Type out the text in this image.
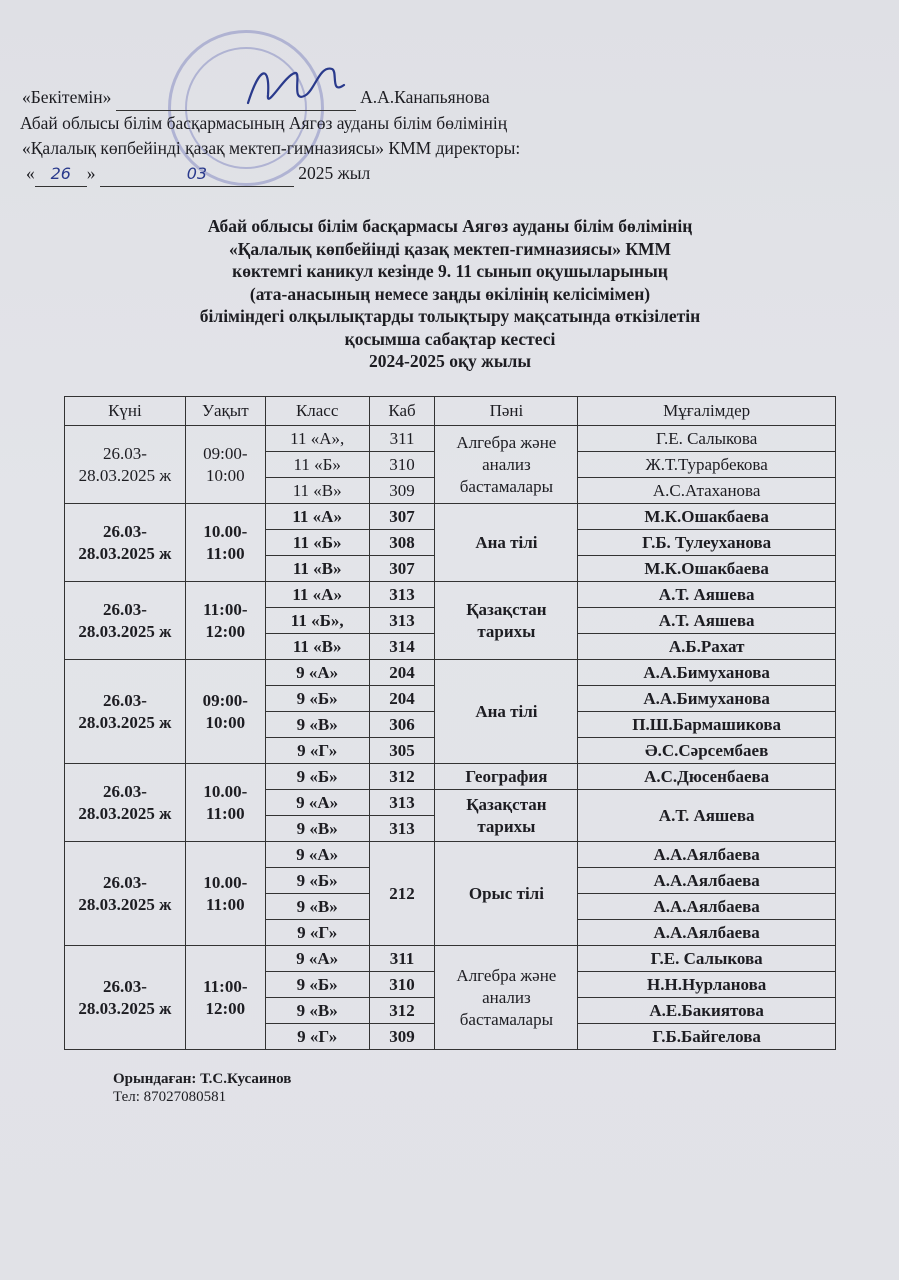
«Бекітемін»	А.А.Канапьянова
Абай облысы білім басқармасының Аягөз ауданы білім бөлімінің
«Қалалық көпбейінді қазақ мектеп-гимназиясы» КММ директоры:
« 26 »	03	2025 жыл
Абай облысы білім басқармасы Аягөз ауданы білім бөлімінің
«Қалалық көпбейінді қазақ мектеп-гимназиясы» КММ
көктемгі каникул кезінде 9. 11 сынып оқушыларының
(ата-анасының немесе заңды өкілінің келісімімен)
біліміндегі олқылықтарды толықтыру мақсатында өткізілетін
қосымша сабақтар кестесі
2024-2025 оқу жылы
Күні	Уақыт	Класс	Каб	Пәні	Мұғалімдер
26.03-28.03.2025 ж	09:00-10:00	11 «А»,	311	Алгебра және анализ бастамалары	Г.Е. Салыкова
		11 «Б»	310		Ж.Т.Турарбекова
		11 «В»	309		А.С.Атаханова
26.03-28.03.2025 ж	10.00-11:00	11 «А»	307	Ана тілі	М.К.Ошакбаева
		11 «Б»	308		Г.Б. Тулеуханова
		11 «В»	307		М.К.Ошакбаева
26.03-28.03.2025 ж	11:00-12:00	11 «А»	313	Қазақстан тарихы	А.Т. Аяшева
		11 «Б»,	313		А.Т. Аяшева
		11 «В»	314		А.Б.Рахат
26.03-28.03.2025 ж	09:00-10:00	9 «А»	204	Ана тілі	А.А.Бимуханова
		9 «Б»	204		А.А.Бимуханова
		9 «В»	306		П.Ш.Бармашикова
		9 «Г»	305		Ә.С.Сәрсембаев
26.03-28.03.2025 ж	10.00-11:00	9 «Б»	312	География	А.С.Дюсенбаева
		9 «А»	313	Қазақстан тарихы	А.Т. Аяшева
		9 «В»	313		
26.03-28.03.2025 ж	10.00-11:00	9 «А»	212	Орыс тілі	А.А.Аялбаева
		9 «Б»			А.А.Аялбаева
		9 «В»			А.А.Аялбаева
		9 «Г»			А.А.Аялбаева
26.03-28.03.2025 ж	11:00-12:00	9 «А»	311	Алгебра және анализ бастамалары	Г.Е. Салыкова
		9 «Б»	310		Н.Н.Нурланова
		9 «В»	312		А.Е.Бакиятова
		9 «Г»	309		Г.Б.Байгелова
Орындаған: Т.С.Кусаинов
Тел: 87027080581
